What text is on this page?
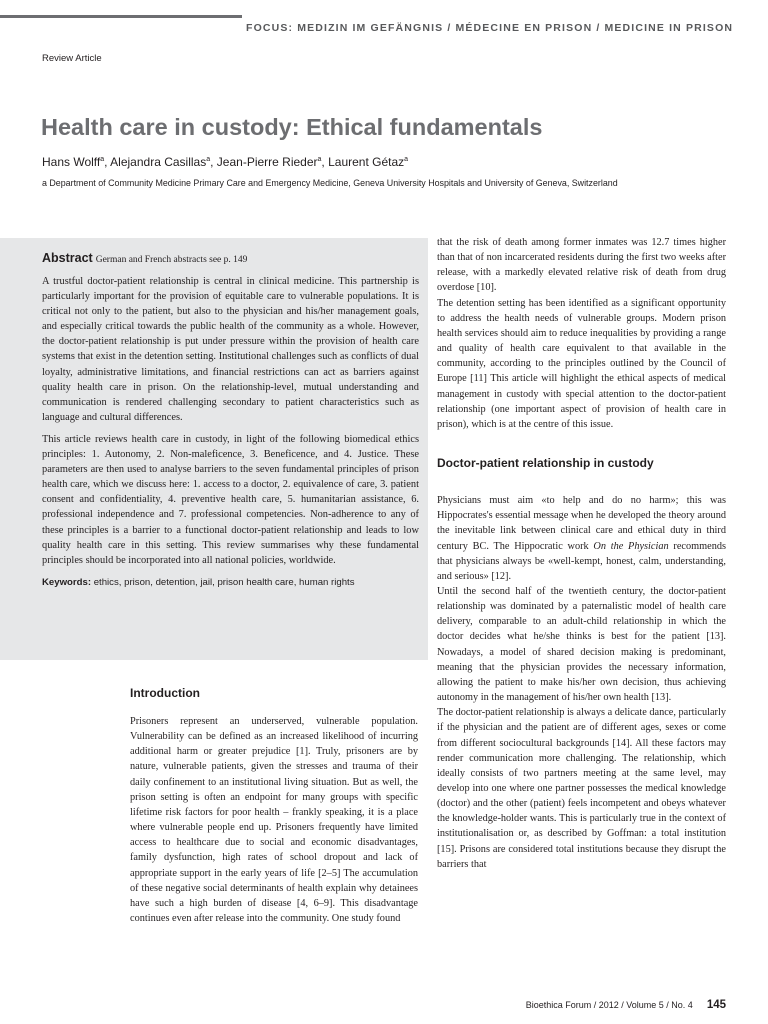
FOCUS: MEDIZIN IM GEFÄNGNIS / MÉDECINE EN PRISON / MEDICINE IN PRISON
Review Article
Health care in custody: Ethical fundamentals
Hans Wolff$^a$, Alejandra Casillas$^a$, Jean-Pierre Rieder$^a$, Laurent Gétaz$^a$
a Department of Community Medicine Primary Care and Emergency Medicine, Geneva University Hospitals and University of Geneva, Switzerland

Abstract German and French abstracts see p. 149

A trustful doctor-patient relationship is central in clinical medicine. This partnership is particularly important for the provision of equitable care to vulnerable populations. It is critical not only to the patient, but also to the physician and his/her management goals, and especially critical towards the public health of the community as a whole. However, the doctor-patient relationship is put under pressure within the provision of health care systems that exist in the detention setting. Institutional challenges such as conflicts of dual loyalty, administrative limitations, and financial restrictions can act as barriers against quality health care in prison. On the relationship-level, mutual understanding and communication is rendered challenging secondary to patient characteristics such as language and cultural differences.

This article reviews health care in custody, in light of the following biomedical ethics principles: 1. Autonomy, 2. Non-maleficence, 3. Beneficence, and 4. Justice. These parameters are then used to analyse barriers to the seven fundamental principles of prison health care, which we discuss here: 1. access to a doctor, 2. equivalence of care, 3. patient consent and confidentiality, 4. preventive health care, 5. humanitarian assistance, 6. professional independence and 7. professional competencies. Non-adherence to any of these principles is a barrier to a functional doctor-patient relationship and leads to low quality health care in this setting. This review summarises why these fundamental principles should be incorporated into all national policies, worldwide.

Keywords: ethics, prison, detention, jail, prison health care, human rights

Introduction

Prisoners represent an underserved, vulnerable population. Vulnerability can be defined as an increased likelihood of incurring additional harm or greater prejudice [1]. Truly, prisoners are by nature, vulnerable patients, given the stresses and trauma of their daily confinement to an institutional living situation. But as well, the prison setting is often an endpoint for many groups with specific lifetime risk factors for poor health – frankly speaking, it is a place where vulnerable people end up. Prisoners frequently have limited access to healthcare due to social and economic disadvantages, family dysfunction, high rates of school dropout and lack of appropriate support in the early years of life [2–5] The accumulation of these negative social determinants of health explain why detainees have such a high burden of disease [4, 6–9]. This disadvantage continues even after release into the community. One study found

that the risk of death among former inmates was 12.7 times higher than that of non incarcerated residents during the first two weeks after release, with a markedly elevated relative risk of death from drug overdose [10].

The detention setting has been identified as a significant opportunity to address the health needs of vulnerable groups. Modern prison health services should aim to reduce inequalities by providing a range and quality of health care equivalent to that available in the community, according to the principles outlined by the Council of Europe [11] This article will highlight the ethical aspects of medical management in custody with special attention to the doctor-patient relationship (one important aspect of provision of health care in prison), which is at the centre of this issue.

Doctor-patient relationship in custody

Physicians must aim «to help and do no harm»; this was Hippocrates's essential message when he developed the theory around the inevitable link between clinical care and ethical duty in third century BC. The Hippocratic work On the Physician recommends that physicians always be «well-kempt, honest, calm, understanding, and serious» [12].

Until the second half of the twentieth century, the doctor-patient relationship was dominated by a paternalistic model of health care delivery, comparable to an adult-child relationship in which the doctor decides what he/she thinks is best for the patient [13]. Nowadays, a model of shared decision making is predominant, meaning that the physician provides the necessary information, allowing the patient to make his/her own decision, thus achieving autonomy in the management of his/her own health [13].

The doctor-patient relationship is always a delicate dance, particularly if the physician and the patient are of different ages, sexes or come from different sociocultural backgrounds [14]. All these factors may render communication more challenging. The relationship, which ideally consists of two partners meeting at the same level, may develop into one where one partner possesses the medical knowledge (doctor) and the other (patient) feels incompetent and obeys whatever the knowledge-holder wants. This is particularly true in the context of institutionalisation or, as described by Goffman: a total institution [15]. Prisons are considered total institutions because they disrupt the barriers that

Bioethica Forum / 2012 / Volume 5 / No. 4 145
